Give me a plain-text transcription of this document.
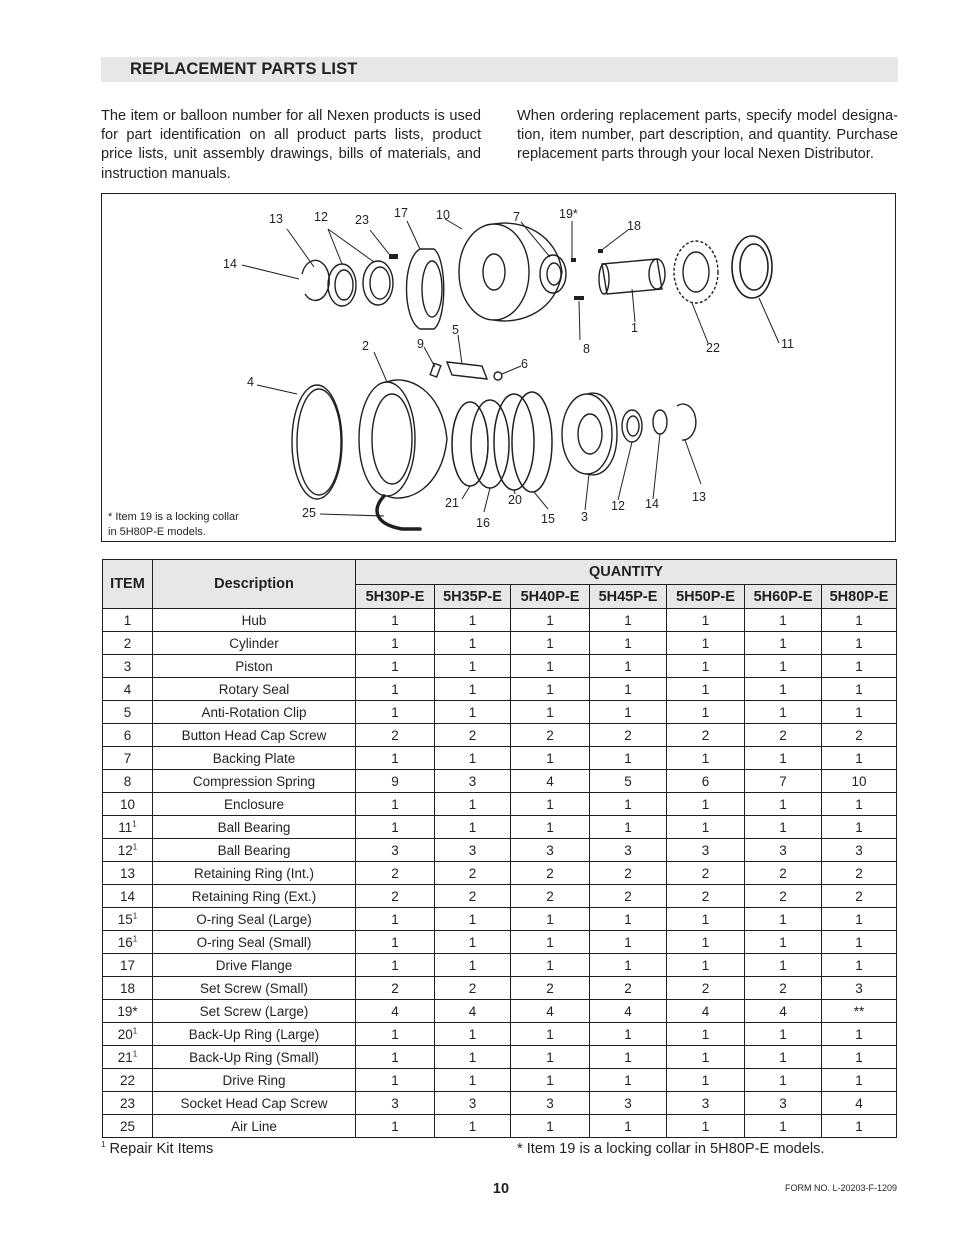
REPLACEMENT PARTS LIST
The item or balloon number for all Nexen products is used for part identification on all product parts lists, product price lists, unit assembly drawings, bills of materials, and instruction manuals.
When ordering replacement parts, specify model designa-tion, item number, part description, and quantity. Purchase replacement parts through your local Nexen Distributor.
13 12 23 17 10	7	19*
18
14
1
8	22	11
2	9
5
6
4
25
21
16
20
15 3
12 14	13
* Item 19 is a locking collar
in 5H80P-E models.
ITEM	Description	QUANTITY						
		5H30P-E	5H35P-E	5H40P-E	5H45P-E	5H50P-E	5H60P-E	5H80P-E
1	Hub	1	1	1	1	1	1	1
2	Cylinder	1	1	1	1	1	1	1
3	Piston	1	1	1	1	1	1	1
4	Rotary Seal	1	1	1	1	1	1	1
5	Anti-Rotation Clip	1	1	1	1	1	1	1
6	Button Head Cap Screw	2	2	2	2	2	2	2
7	Backing Plate	1	1	1	1	1	1	1
8	Compression Spring	9	3	4	5	6	7	10
10	Enclosure	1	1	1	1	1	1	1
$11^1$	Ball Bearing	1	1	1	1	1	1	1
$12^1$	Ball Bearing	3	3	3	3	3	3	3
13	Retaining Ring (Int.)	2	2	2	2	2	2	2
14	Retaining Ring (Ext.)	2	2	2	2	2	2	2
$15^1$	O-ring Seal (Large)	1	1	1	1	1	1	1
$16^1$	O-ring Seal (Small)	1	1	1	1	1	1	1
17	Drive Flange	1	1	1	1	1	1	1
18	Set Screw (Small)	2	2	2	2	2	2	3
19*	Set Screw (Large)	4	4	4	4	4	4	**
$20^1$	Back-Up Ring (Large)	1	1	1	1	1	1	1
$21^1$	Back-Up Ring (Small)	1	1	1	1	1	1	1
22	Drive Ring	1	1	1	1	1	1	1
23	Socket Head Cap Screw	3	3	3	3	3	3	4
25	Air Line	1	1	1	1	1	1	1
$^1$ Repair Kit Items	* Item 19 is a locking collar in 5H80P-E models.
10	FORM NO. L-20203-F-1209
